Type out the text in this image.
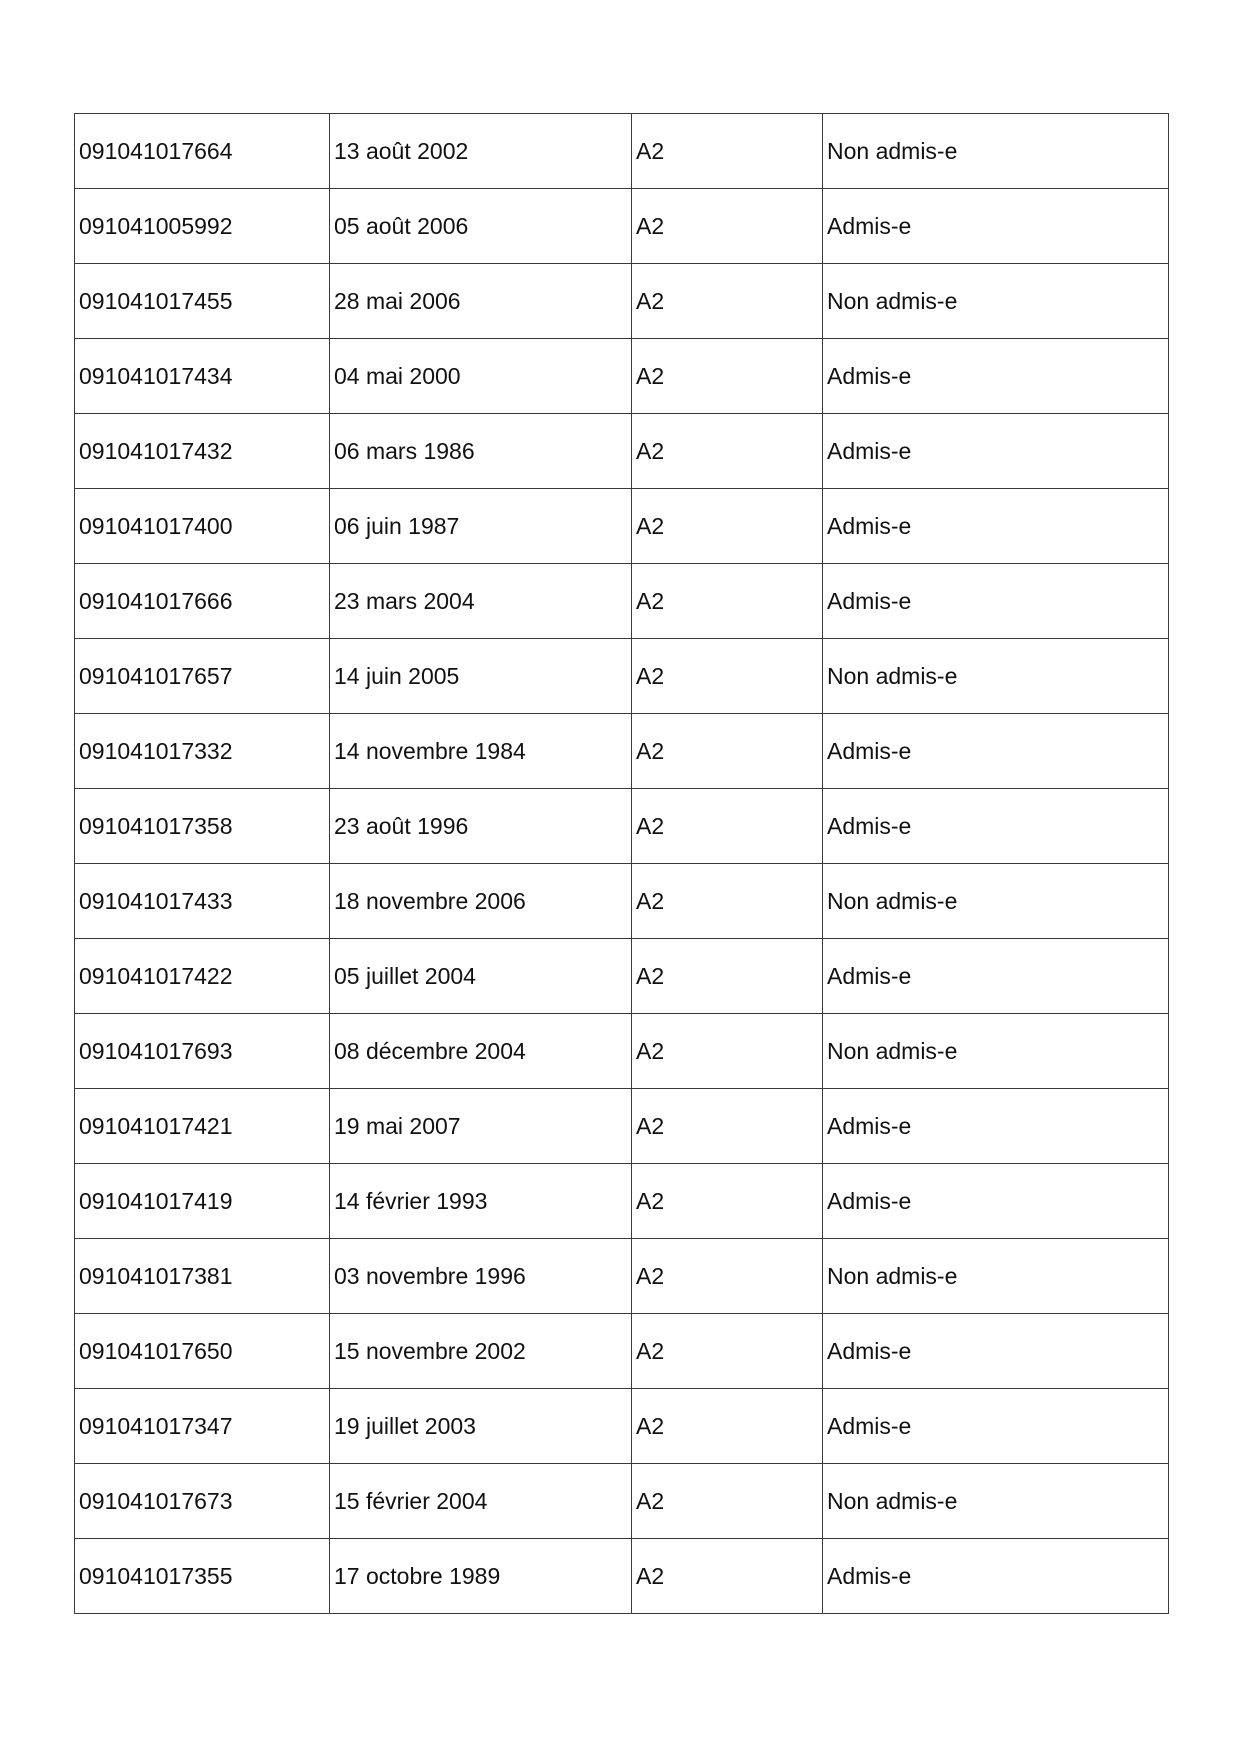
091041017664	13 août 2002	A2	Non admis-e
091041005992	05 août 2006	A2	Admis-e
091041017455	28 mai 2006	A2	Non admis-e
091041017434	04 mai 2000	A2	Admis-e
091041017432	06 mars 1986	A2	Admis-e
091041017400	06 juin 1987	A2	Admis-e
091041017666	23 mars 2004	A2	Admis-e
091041017657	14 juin 2005	A2	Non admis-e
091041017332	14 novembre 1984	A2	Admis-e
091041017358	23 août 1996	A2	Admis-e
091041017433	18 novembre 2006	A2	Non admis-e
091041017422	05 juillet 2004	A2	Admis-e
091041017693	08 décembre 2004	A2	Non admis-e
091041017421	19 mai 2007	A2	Admis-e
091041017419	14 février 1993	A2	Admis-e
091041017381	03 novembre 1996	A2	Non admis-e
091041017650	15 novembre 2002	A2	Admis-e
091041017347	19 juillet 2003	A2	Admis-e
091041017673	15 février 2004	A2	Non admis-e
091041017355	17 octobre 1989	A2	Admis-e
